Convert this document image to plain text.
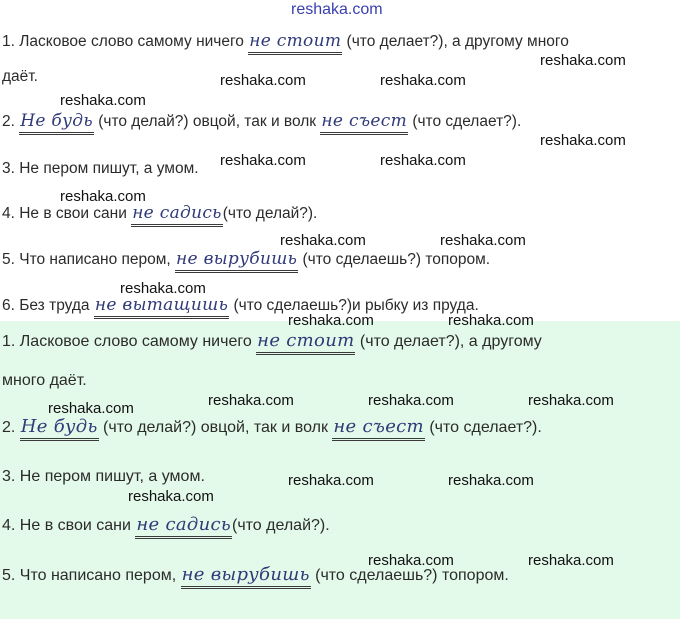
reshaka.com
1. Ласковое слово самому ничего не стоит (что делает?), а другому много
даёт.
2. Не будь (что делай?) овцой, так и волк не съест (что сделает?).
3. Не пером пишут, а умом.
4. Не в свои сани не садись(что делай?).
5. Что написано пером, не вырубишь (что сделаешь?) топором.
6. Без труда не вытащишь (что сделаешь?)и рыбку из пруда.
1. Ласковое слово самому ничего не стоит (что делает?), а другому
много даёт.
2. Не будь (что делай?) овцой, так и волк не съест (что сделает?).
3. Не пером пишут, а умом.
4. Не в свои сани не садись(что делай?).
5. Что написано пером, не вырубишь (что сделаешь?) топором.
reshaka.com
reshaka.com	reshaka.com
reshaka.com
reshaka.com
reshaka.com	reshaka.com
reshaka.com
reshaka.com	reshaka.com
reshaka.com
reshaka.com	reshaka.com
reshaka.com	reshaka.com	reshaka.com
reshaka.com
reshaka.com	reshaka.com
reshaka.com
reshaka.com	reshaka.com
